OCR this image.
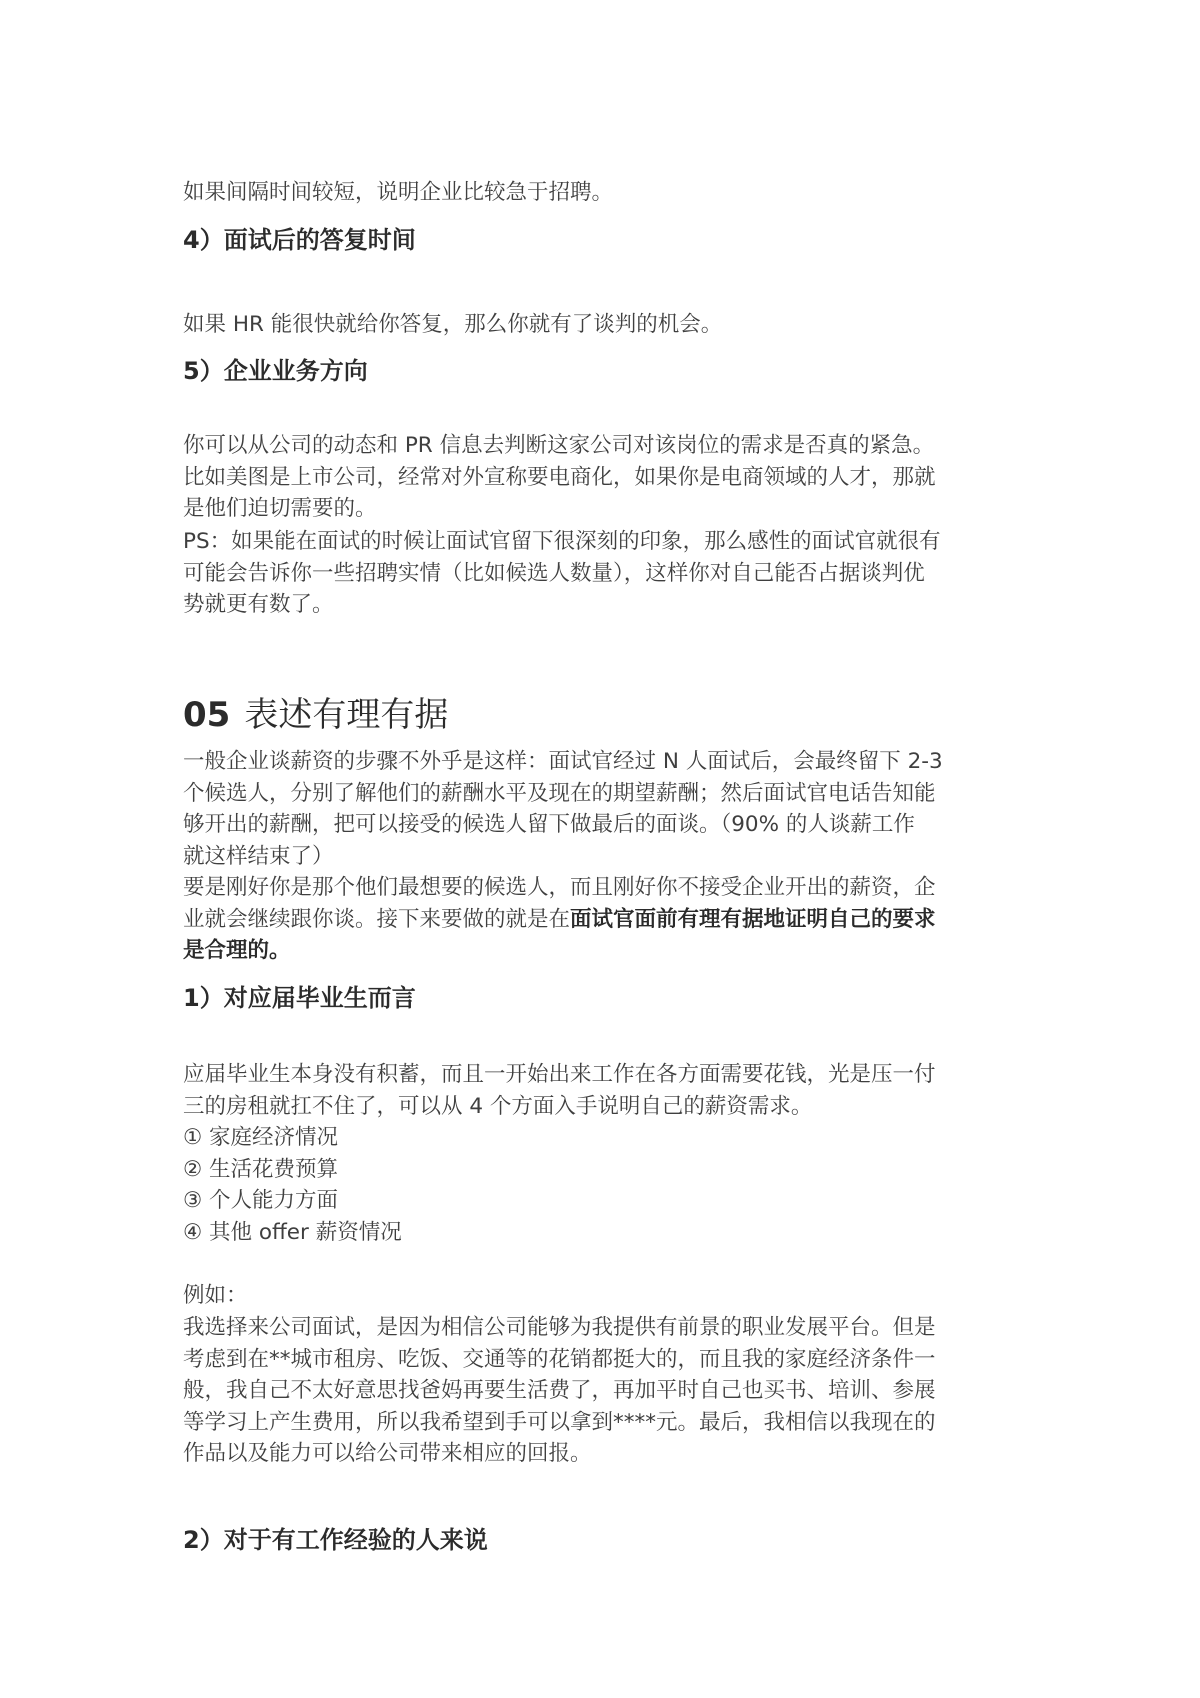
如果间隔时间较短，说明企业比较急于招聘。

4）面试后的答复时间

如果 HR 能很快就给你答复，那么你就有了谈判的机会。

5）企业业务方向
你可以从公司的动态和 PR 信息去判断这家公司对该岗位的需求是否真的紧急。
比如美图是上市公司，经常对外宣称要电商化，如果你是电商领域的人才，那就
是他们迫切需要的。
PS：如果能在面试的时候让面试官留下很深刻的印象，那么感性的面试官就很有
可能会告诉你一些招聘实情（比如候选人数量），这样你对自己能否占据谈判优
势就更有数了。
05 表述有理有据
一般企业谈薪资的步骤不外乎是这样：面试官经过 N 人面试后，会最终留下 2-3
个候选人，分别了解他们的薪酬水平及现在的期望薪酬；然后面试官电话告知能
够开出的薪酬，把可以接受的候选人留下做最后的面谈。（90% 的人谈薪工作
就这样结束了）
要是刚好你是那个他们最想要的候选人，而且刚好你不接受企业开出的薪资，企
业就会继续跟你谈。接下来要做的就是在面试官面前有理有据地证明自己的要求
是合理的。
1）对应届毕业生而言
应届毕业生本身没有积蓄，而且一开始出来工作在各方面需要花钱，光是压一付
三的房租就扛不住了，可以从 4 个方面入手说明自己的薪资需求。
① 家庭经济情况
② 生活花费预算
③ 个人能力方面
④ 其他 offer 薪资情况

例如：

我选择来公司面试，是因为相信公司能够为我提供有前景的职业发展平台。但是
考虑到在**城市租房、吃饭、交通等的花销都挺大的，而且我的家庭经济条件一
般，我自己不太好意思找爸妈再要生活费了，再加平时自己也买书、培训、参展
等学习上产生费用，所以我希望到手可以拿到****元。最后，我相信以我现在的
作品以及能力可以给公司带来相应的回报。
2）对于有工作经验的人来说
